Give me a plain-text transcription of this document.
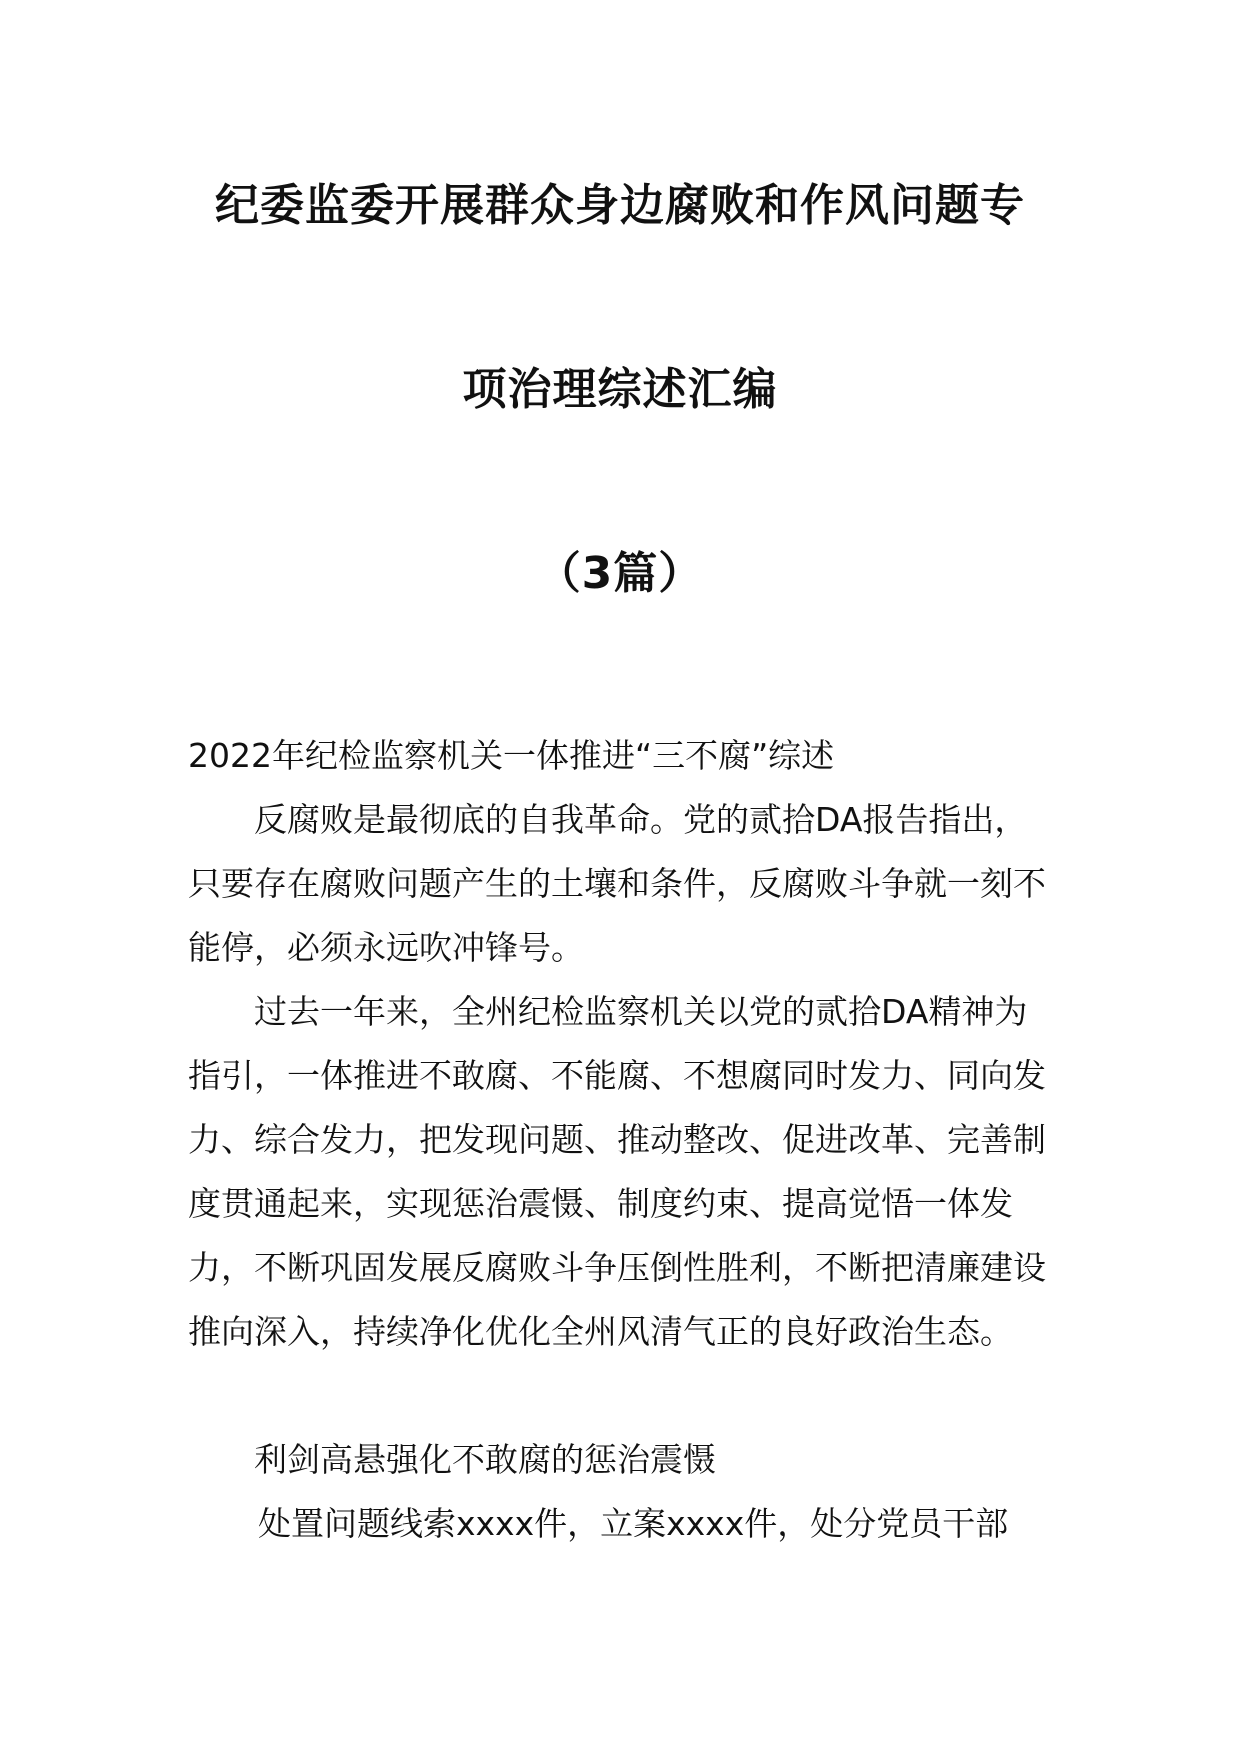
纪委监委开展群众身边腐败和作风问题专
项治理综述汇编
（3篇）
2022年纪检监察机关一体推进“三不腐”综述
反腐败是最彻底的自我革命。党的贰拾DA报告指出，只要存在腐败问题产生的土壤和条件，反腐败斗争就一刻不能停，必须永远吹冲锋号。
过去一年来，全州纪检监察机关以党的贰拾DA精神为指引，一体推进不敢腐、不能腐、不想腐同时发力、同向发力、综合发力，把发现问题、推动整改、促进改革、完善制度贯通起来，实现惩治震慑、制度约束、提高觉悟一体发力，不断巩固发展反腐败斗争压倒性胜利，不断把清廉建设推向深入，持续净化优化全州风清气正的良好政治生态。
利剑高悬强化不敢腐的惩治震慑
处置问题线索xxxx件，立案xxxx件，处分党员干部
